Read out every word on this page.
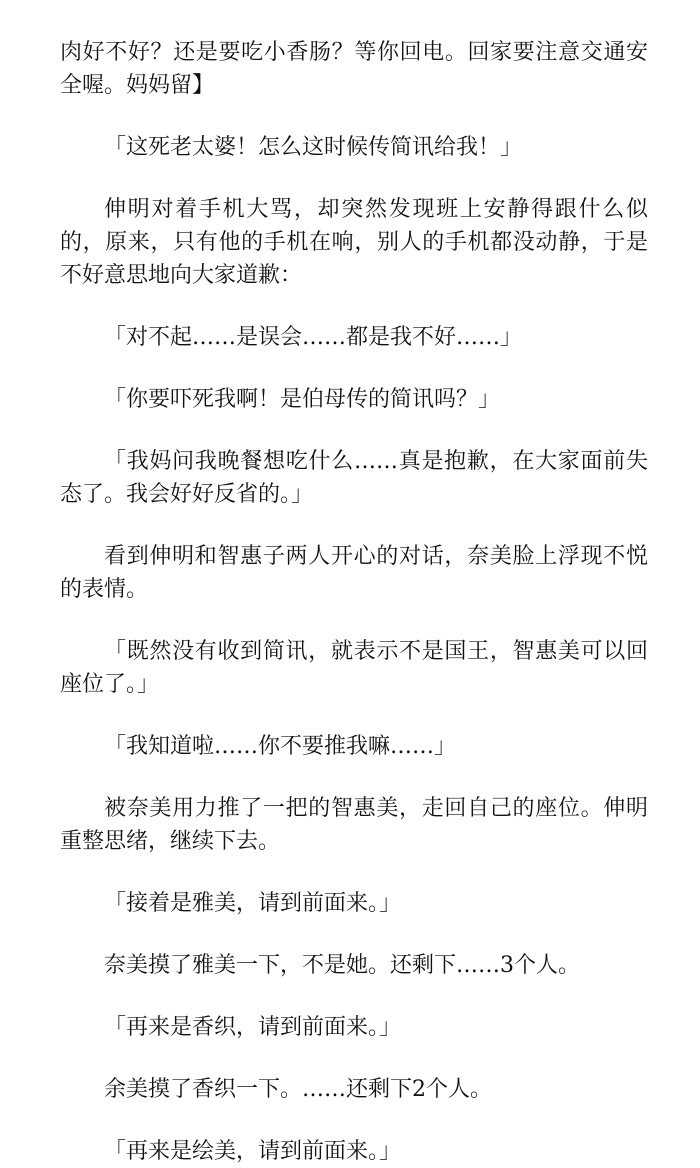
肉好不好？还是要吃小香肠？等你回电。回家要注意交通安全喔。妈妈留】

「这死老太婆！怎么这时候传简讯给我！」

伸明对着手机大骂，却突然发现班上安静得跟什么似的，原来，只有他的手机在响，别人的手机都没动静，于是不好意思地向大家道歉：

「对不起……是误会……都是我不好……」

「你要吓死我啊！是伯母传的简讯吗？」

「我妈问我晚餐想吃什么……真是抱歉，在大家面前失态了。我会好好反省的。」

看到伸明和智惠子两人开心的对话，奈美脸上浮现不悦的表情。

「既然没有收到简讯，就表示不是国王，智惠美可以回座位了。」

「我知道啦……你不要推我嘛……」

被奈美用力推了一把的智惠美，走回自己的座位。伸明重整思绪，继续下去。

「接着是雅美，请到前面来。」

奈美摸了雅美一下，不是她。还剩下……3个人。

「再来是香织，请到前面来。」

余美摸了香织一下。……还剩下2个人。

「再来是绘美，请到前面来。」
